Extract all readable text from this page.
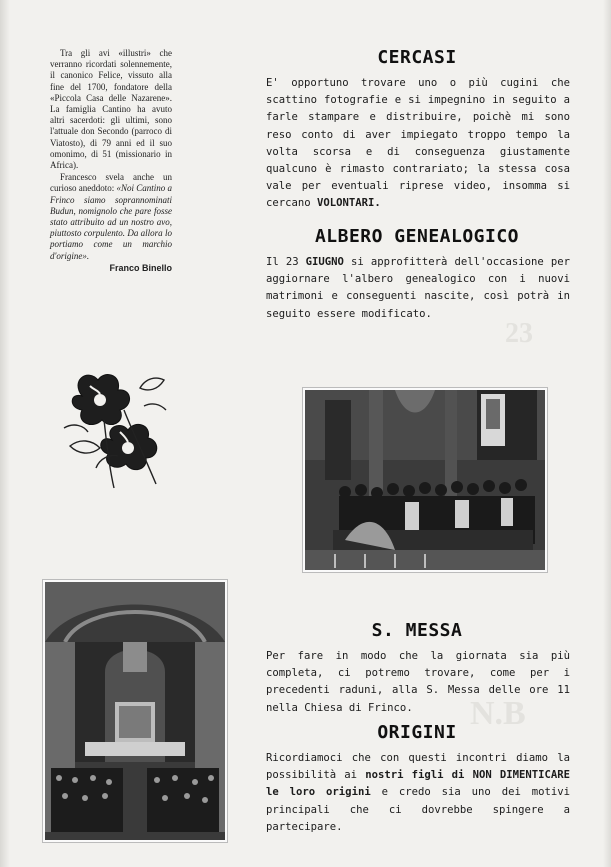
23
N.B

Tra gli avi «illustri» che verranno ricordati solennemente, il canonico Felice, vissuto alla fine del 1700, fondatore della «Piccola Casa delle Nazarene». La famiglia Cantino ha avuto altri sacerdoti: gli ultimi, sono l'attuale don Secondo (parroco di Viatosto), di 79 anni ed il suo omonimo, di 51 (missionario in Africa).

Francesco svela anche un curioso aneddoto: «Noi Cantino a Frinco siamo soprannominati Budun, nomignolo che pare fosse stato attribuito ad un nostro avo, piuttosto corpulento. Da allora lo portiamo come un marchio d'origine».

Franco Binello
CERCASI
E' opportuno trovare uno o più cugini che scattino fotografie e si impegnino in seguito a farle stampare e distribuire, poichè mi sono reso conto di aver impiegato troppo tempo la volta scorsa e di conseguenza giustamente qualcuno è rimasto contrariato; la stessa cosa vale per eventuali riprese video, insomma si cercano VOLONTARI.
ALBERO GENEALOGICO
Il 23 GIUGNO si approfitterà dell'occasione per aggiornare l'albero genealogico con i nuovi matrimoni e conseguenti nascite, così potrà in seguito essere modificato.
S. MESSA
Per fare in modo che la giornata sia più completa, ci potremo trovare, come per i precedenti raduni, alla S. Messa delle ore 11 nella Chiesa di Frinco.
ORIGINI
Ricordiamoci che con questi incontri diamo la possibilità ai nostri figli di NON DIMENTICARE le loro origini e credo sia uno dei motivi principali che ci dovrebbe spingere a partecipare.
